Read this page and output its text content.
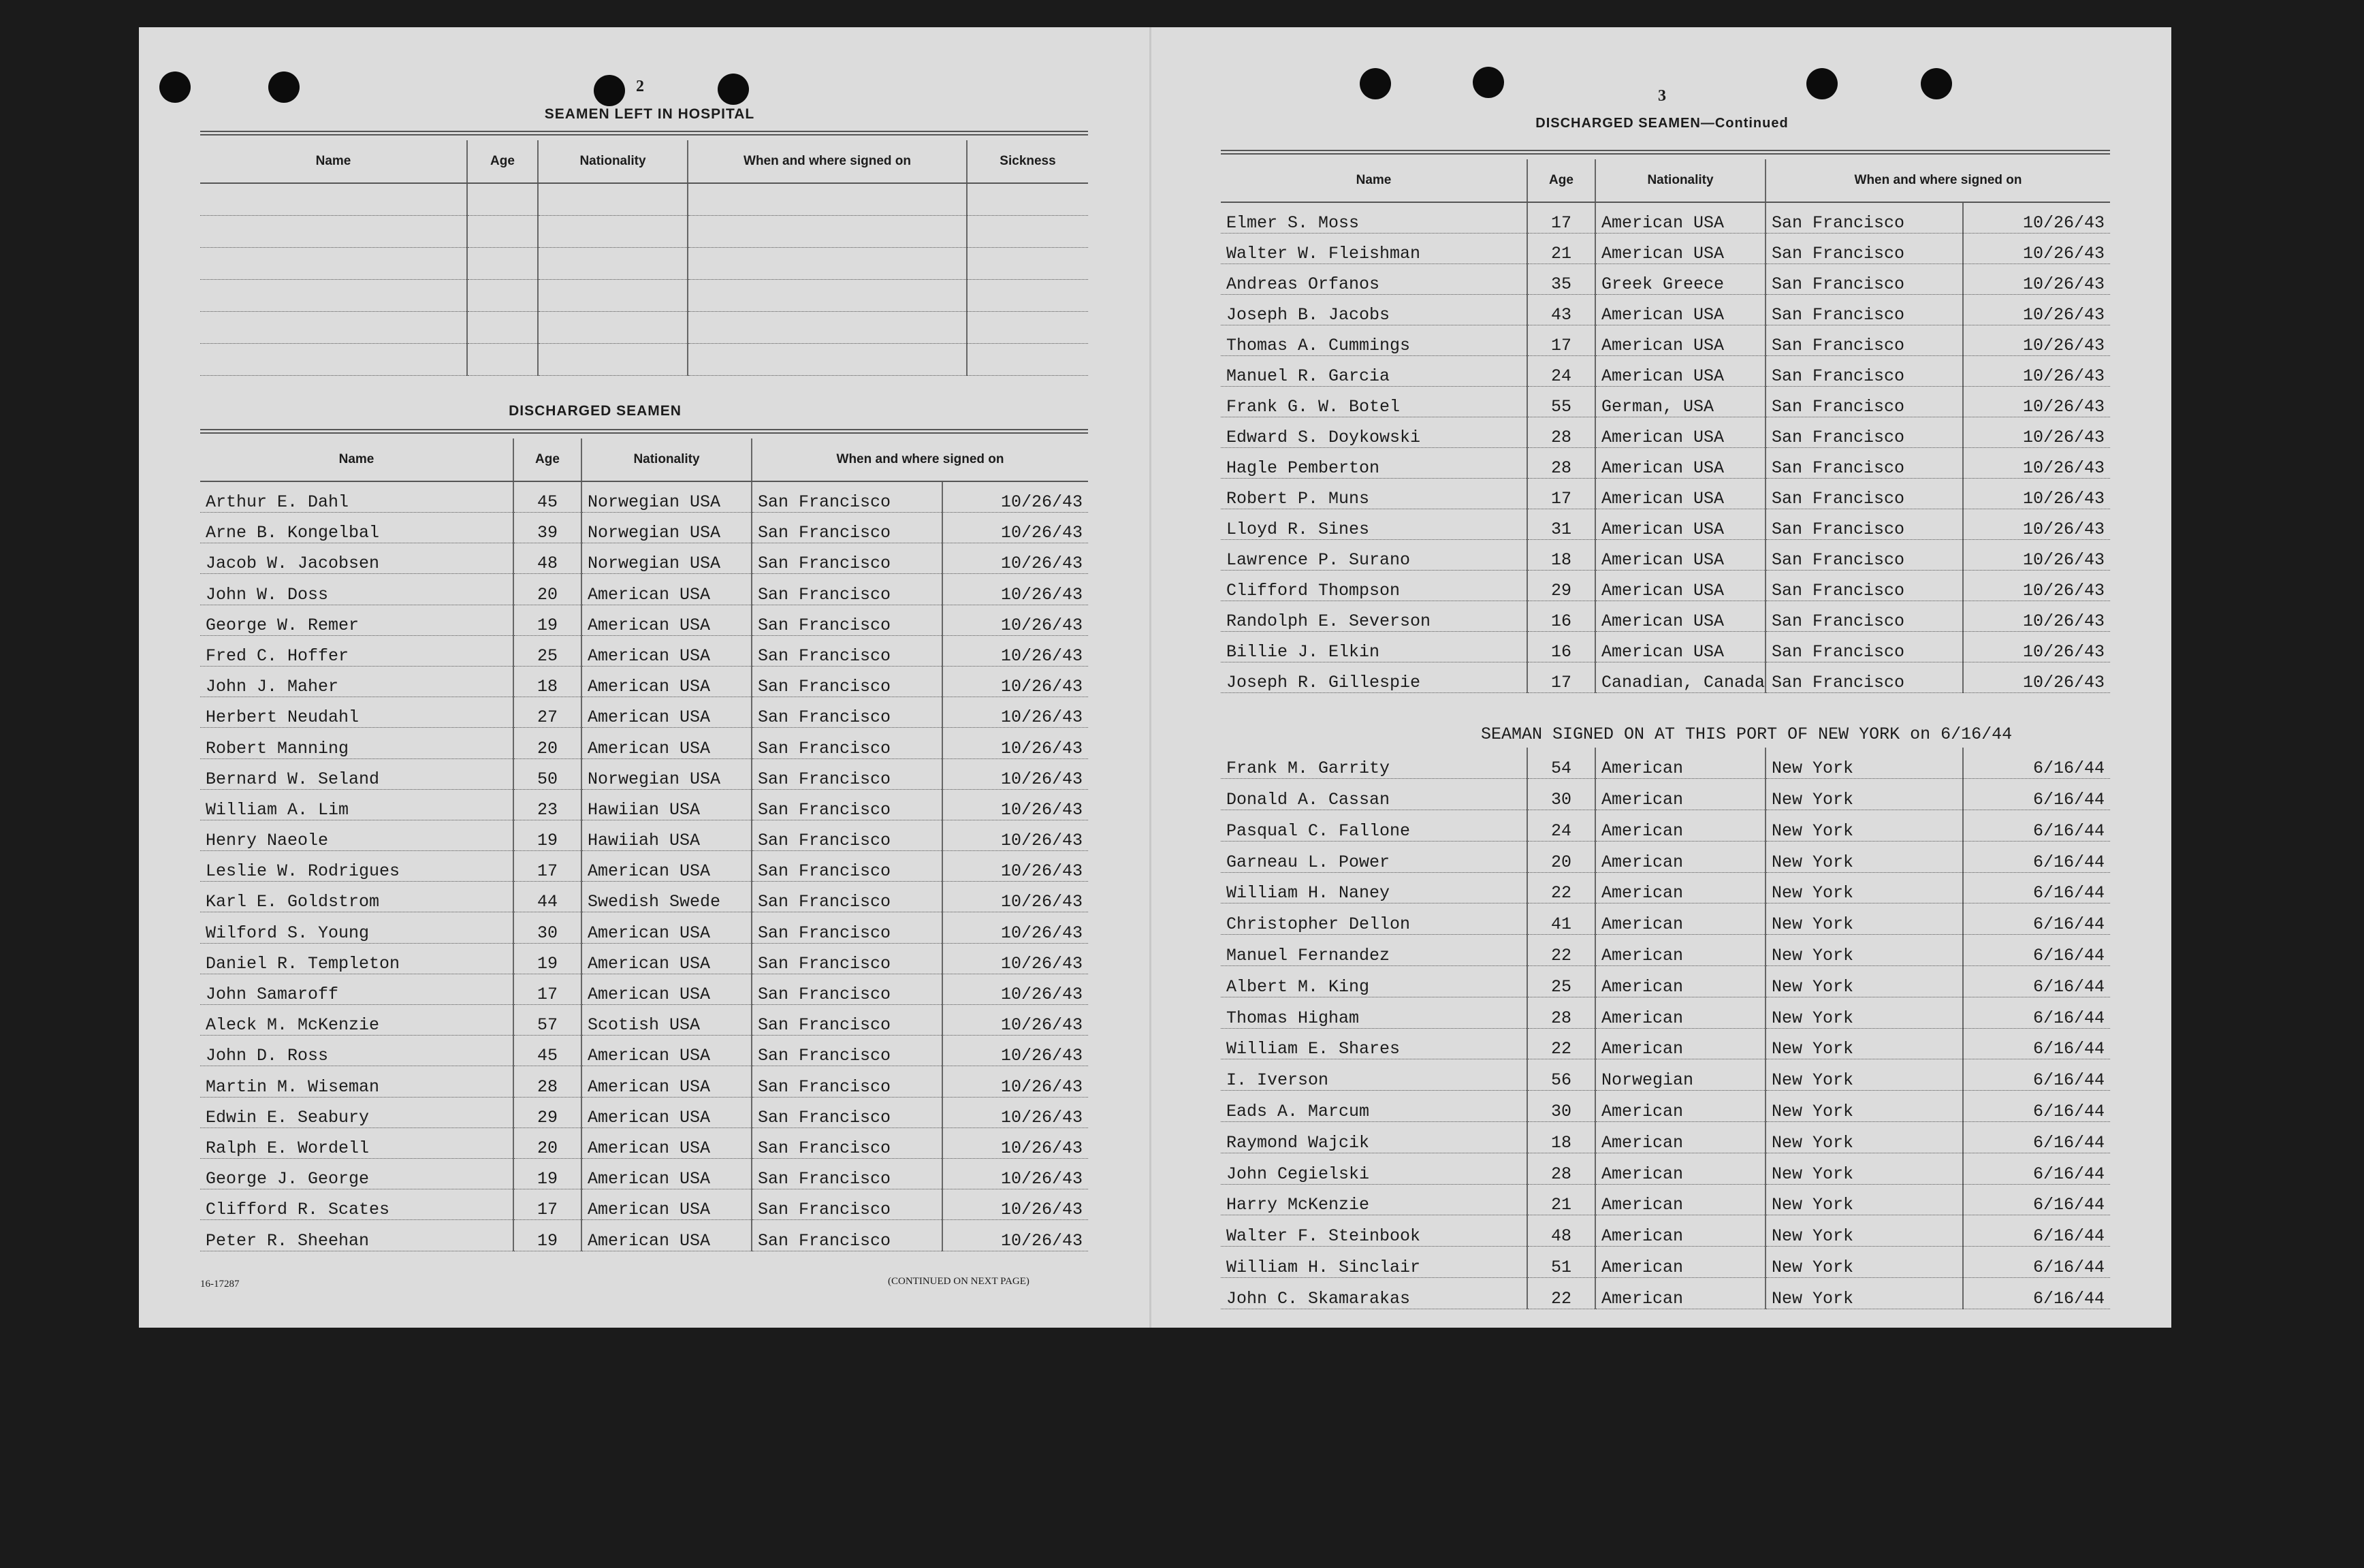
2
SEAMEN LEFT IN HOSPITAL
Name	Age	Nationality	When and where signed on	Sickness

DISCHARGED SEAMEN
Name	Age	Nationality	When and where signed on	
Arthur E. Dahl	45	Norwegian USA	San Francisco	10/26/43
Arne B. Kongelbal	39	Norwegian USA	San Francisco	10/26/43
Jacob W. Jacobsen	48	Norwegian USA	San Francisco	10/26/43
John W. Doss	20	American USA	San Francisco	10/26/43
George W. Remer	19	American USA	San Francisco	10/26/43
Fred C. Hoffer	25	American USA	San Francisco	10/26/43
John J. Maher	18	American USA	San Francisco	10/26/43
Herbert Neudahl	27	American USA	San Francisco	10/26/43
Robert Manning	20	American USA	San Francisco	10/26/43
Bernard W. Seland	50	Norwegian USA	San Francisco	10/26/43
William A. Lim	23	Hawiian USA	San Francisco	10/26/43
Henry Naeole	19	Hawiiah USA	San Francisco	10/26/43
Leslie W. Rodrigues	17	American USA	San Francisco	10/26/43
Karl E. Goldstrom	44	Swedish Swede	San Francisco	10/26/43
Wilford S. Young	30	American USA	San Francisco	10/26/43
Daniel R. Templeton	19	American USA	San Francisco	10/26/43
John Samaroff	17	American USA	San Francisco	10/26/43
Aleck M. McKenzie	57	Scotish USA	San Francisco	10/26/43
John D. Ross	45	American USA	San Francisco	10/26/43
Martin M. Wiseman	28	American USA	San Francisco	10/26/43
Edwin E. Seabury	29	American USA	San Francisco	10/26/43
Ralph E. Wordell	20	American USA	San Francisco	10/26/43
George J. George	19	American USA	San Francisco	10/26/43
Clifford R. Scates	17	American USA	San Francisco	10/26/43
Peter R. Sheehan	19	American USA	San Francisco	10/26/43
16-17287	(CONTINUED ON NEXT PAGE)
3
DISCHARGED SEAMEN—Continued
Name	Age	Nationality	When and where signed on	
Elmer S. Moss	17	American USA	San Francisco	10/26/43
Walter W. Fleishman	21	American USA	San Francisco	10/26/43
Andreas Orfanos	35	Greek Greece	San Francisco	10/26/43
Joseph B. Jacobs	43	American USA	San Francisco	10/26/43
Thomas A. Cummings	17	American USA	San Francisco	10/26/43
Manuel R. Garcia	24	American USA	San Francisco	10/26/43
Frank G. W. Botel	55	German, USA	San Francisco	10/26/43
Edward S. Doykowski	28	American USA	San Francisco	10/26/43
Hagle Pemberton	28	American USA	San Francisco	10/26/43
Robert P. Muns	17	American USA	San Francisco	10/26/43
Lloyd R. Sines	31	American USA	San Francisco	10/26/43
Lawrence P. Surano	18	American USA	San Francisco	10/26/43
Clifford Thompson	29	American USA	San Francisco	10/26/43
Randolph E. Severson	16	American USA	San Francisco	10/26/43
Billie J. Elkin	16	American USA	San Francisco	10/26/43
Joseph R. Gillespie	17	Canadian, Canada	San Francisco	10/26/43
SEAMAN SIGNED ON AT THIS PORT OF NEW YORK on 6/16/44
Frank M. Garrity	54	American	New York	6/16/44
Donald A. Cassan	30	American	New York	6/16/44
Pasqual C. Fallone	24	American	New York	6/16/44
Garneau L. Power	20	American	New York	6/16/44
William H. Naney	22	American	New York	6/16/44
Christopher Dellon	41	American	New York	6/16/44
Manuel Fernandez	22	American	New York	6/16/44
Albert M. King	25	American	New York	6/16/44
Thomas Higham	28	American	New York	6/16/44
William E. Shares	22	American	New York	6/16/44
I. Iverson	56	Norwegian	New York	6/16/44
Eads A. Marcum	30	American	New York	6/16/44
Raymond Wajcik	18	American	New York	6/16/44
John Cegielski	28	American	New York	6/16/44
Harry McKenzie	21	American	New York	6/16/44
Walter F. Steinbook	48	American	New York	6/16/44
William H. Sinclair	51	American	New York	6/16/44
John C. Skamarakas	22	American	New York	6/16/44
